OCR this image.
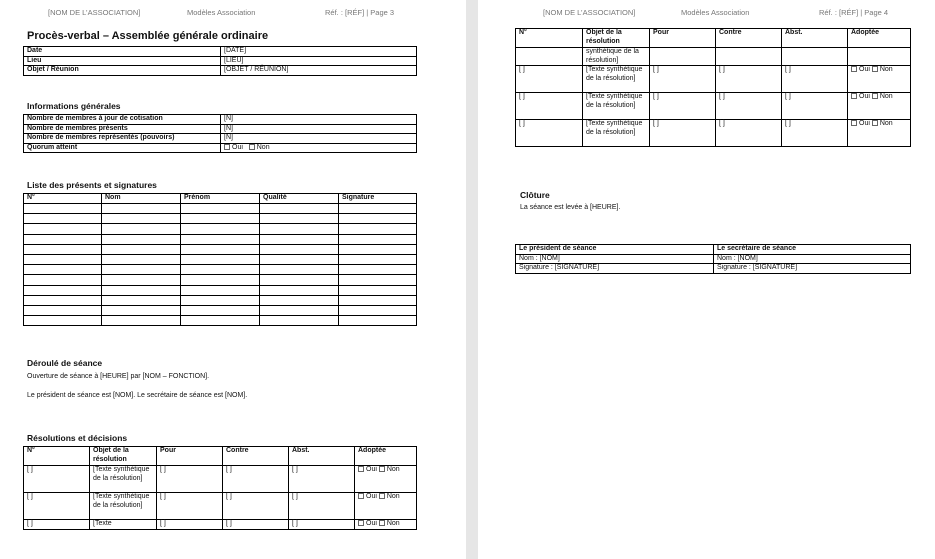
[NOM DE L’ASSOCIATION]	Modèles Association	Réf. : [RÉF] | Page 3
Procès-verbal – Assemblée générale ordinaire
Date	[DATE]
Lieu	[LIEU]
Objet / Réunion	[OBJET / RÉUNION]
Informations générales
Nombre de membres à jour de cotisation	[N]
Nombre de membres présents	[N]
Nombre de membres représentés (pouvoirs)	[N]
Quorum atteint	Oui Non
Liste des présents et signatures
N°	Nom	Prénom	Qualité	Signature

Déroulé de séance
Ouverture de séance à [HEURE] par [NOM – FONCTION].
Le président de séance est [NOM]. Le secrétaire de séance est [NOM].
Résolutions et décisions
N°	Objet de la résolution	Pour	Contre	Abst.	Adoptée
[ ]	[Texte synthétique de la résolution]	[ ]	[ ]	[ ]	Oui Non
[ ]	[Texte synthétique de la résolution]	[ ]	[ ]	[ ]	Oui Non
[ ]	[Texte	[ ]	[ ]	[ ]	Oui Non
[NOM DE L’ASSOCIATION]	Modèles Association	Réf. : [RÉF] | Page 4
N°	Objet de la résolution	Pour	Contre	Abst.	Adoptée
	synthétique de la résolution]				
[ ]	[Texte synthétique de la résolution]	[ ]	[ ]	[ ]	Oui Non
[ ]	[Texte synthétique de la résolution]	[ ]	[ ]	[ ]	Oui Non
[ ]	[Texte synthétique de la résolution]	[ ]	[ ]	[ ]	Oui Non
Clôture
La séance est levée à [HEURE].
Le président de séance	Le secrétaire de séance
Nom : [NOM]	Nom : [NOM]
Signature : [SIGNATURE]	Signature : [SIGNATURE]
